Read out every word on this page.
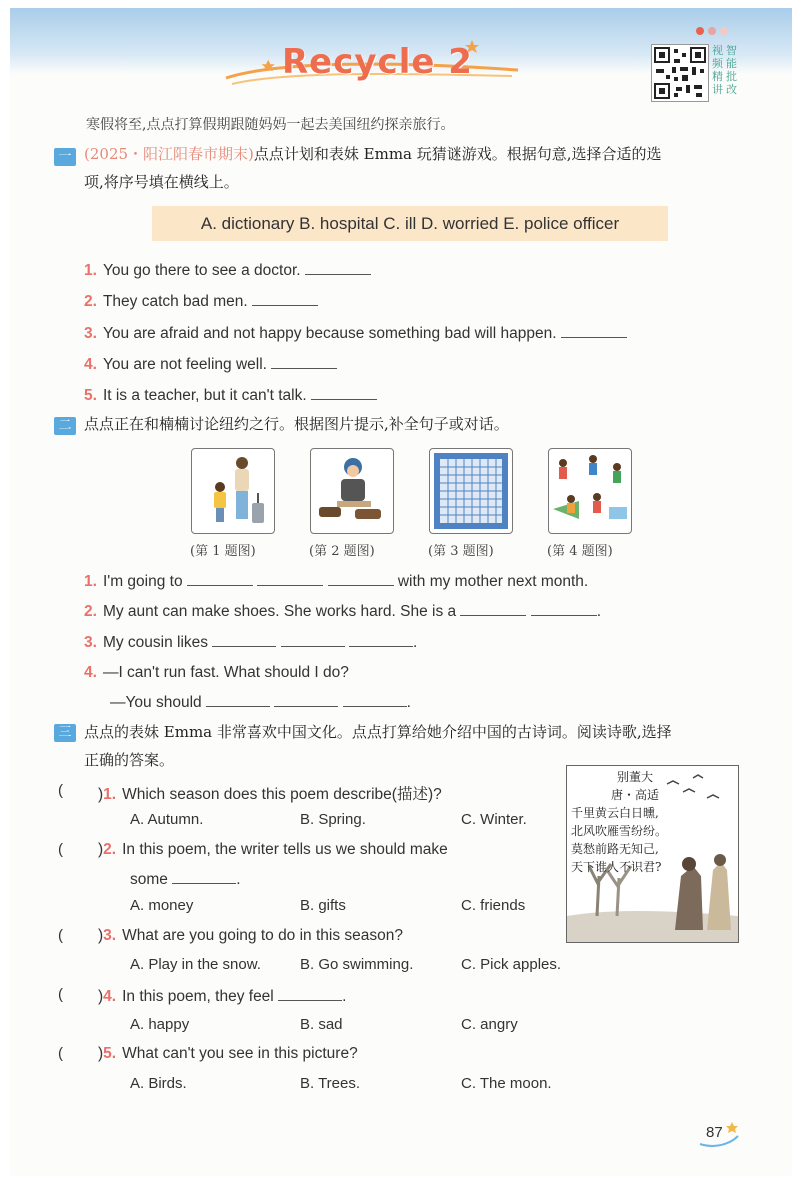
Recycle 2	视频
精讲
智能
批改
寒假将至,点点打算假期跟随妈妈一起去美国纽约探亲旅行。
一 (2025・阳江阳春市期末)点点计划和表妹 Emma 玩猜谜游戏。根据句意,选择合适的选
项,将序号填在横线上。
A. dictionary B. hospital C. ill D. worried E. police officer
1. You go there to see a doctor.
2. They catch bad men.
3. You are afraid and not happy because something bad will happen.
4. You are not feeling well.
5. It is a teacher, but it can't talk.
二 点点正在和楠楠讨论纽约之行。根据图片提示,补全句子或对话。
(第 1 题图)	(第 2 题图)	(第 3 题图)	(第 4 题图)
1. I'm going to	with my mother next month.
2. My aunt can make shoes. She works hard. She is a	.
3. My cousin likes	.
4. —I can't run fast. What should I do?
—You should	.
三 点点的表妹 Emma 非常喜欢中国文化。点点打算给她介绍中国的古诗词。阅读诗歌,选择
正确的答案。
别董大
唐・高适
千里黄云白日曛,
北风吹雁雪纷纷。
莫愁前路无知己,
天下谁人不识君?
( )1. Which season does this poem describe(描述)?
A. Autumn.	B. Spring.	C. Winter.
( )2. In this poem, the writer tells us we should make
some	.
A. money	B. gifts	C. friends
( )3. What are you going to do in this season?
A. Play in the snow.	B. Go swimming.	C. Pick apples.
( )4. In this poem, they feel	.
A. happy	B. sad	C. angry
( )5. What can't you see in this picture?
A. Birds.	B. Trees.	C. The moon.
87
